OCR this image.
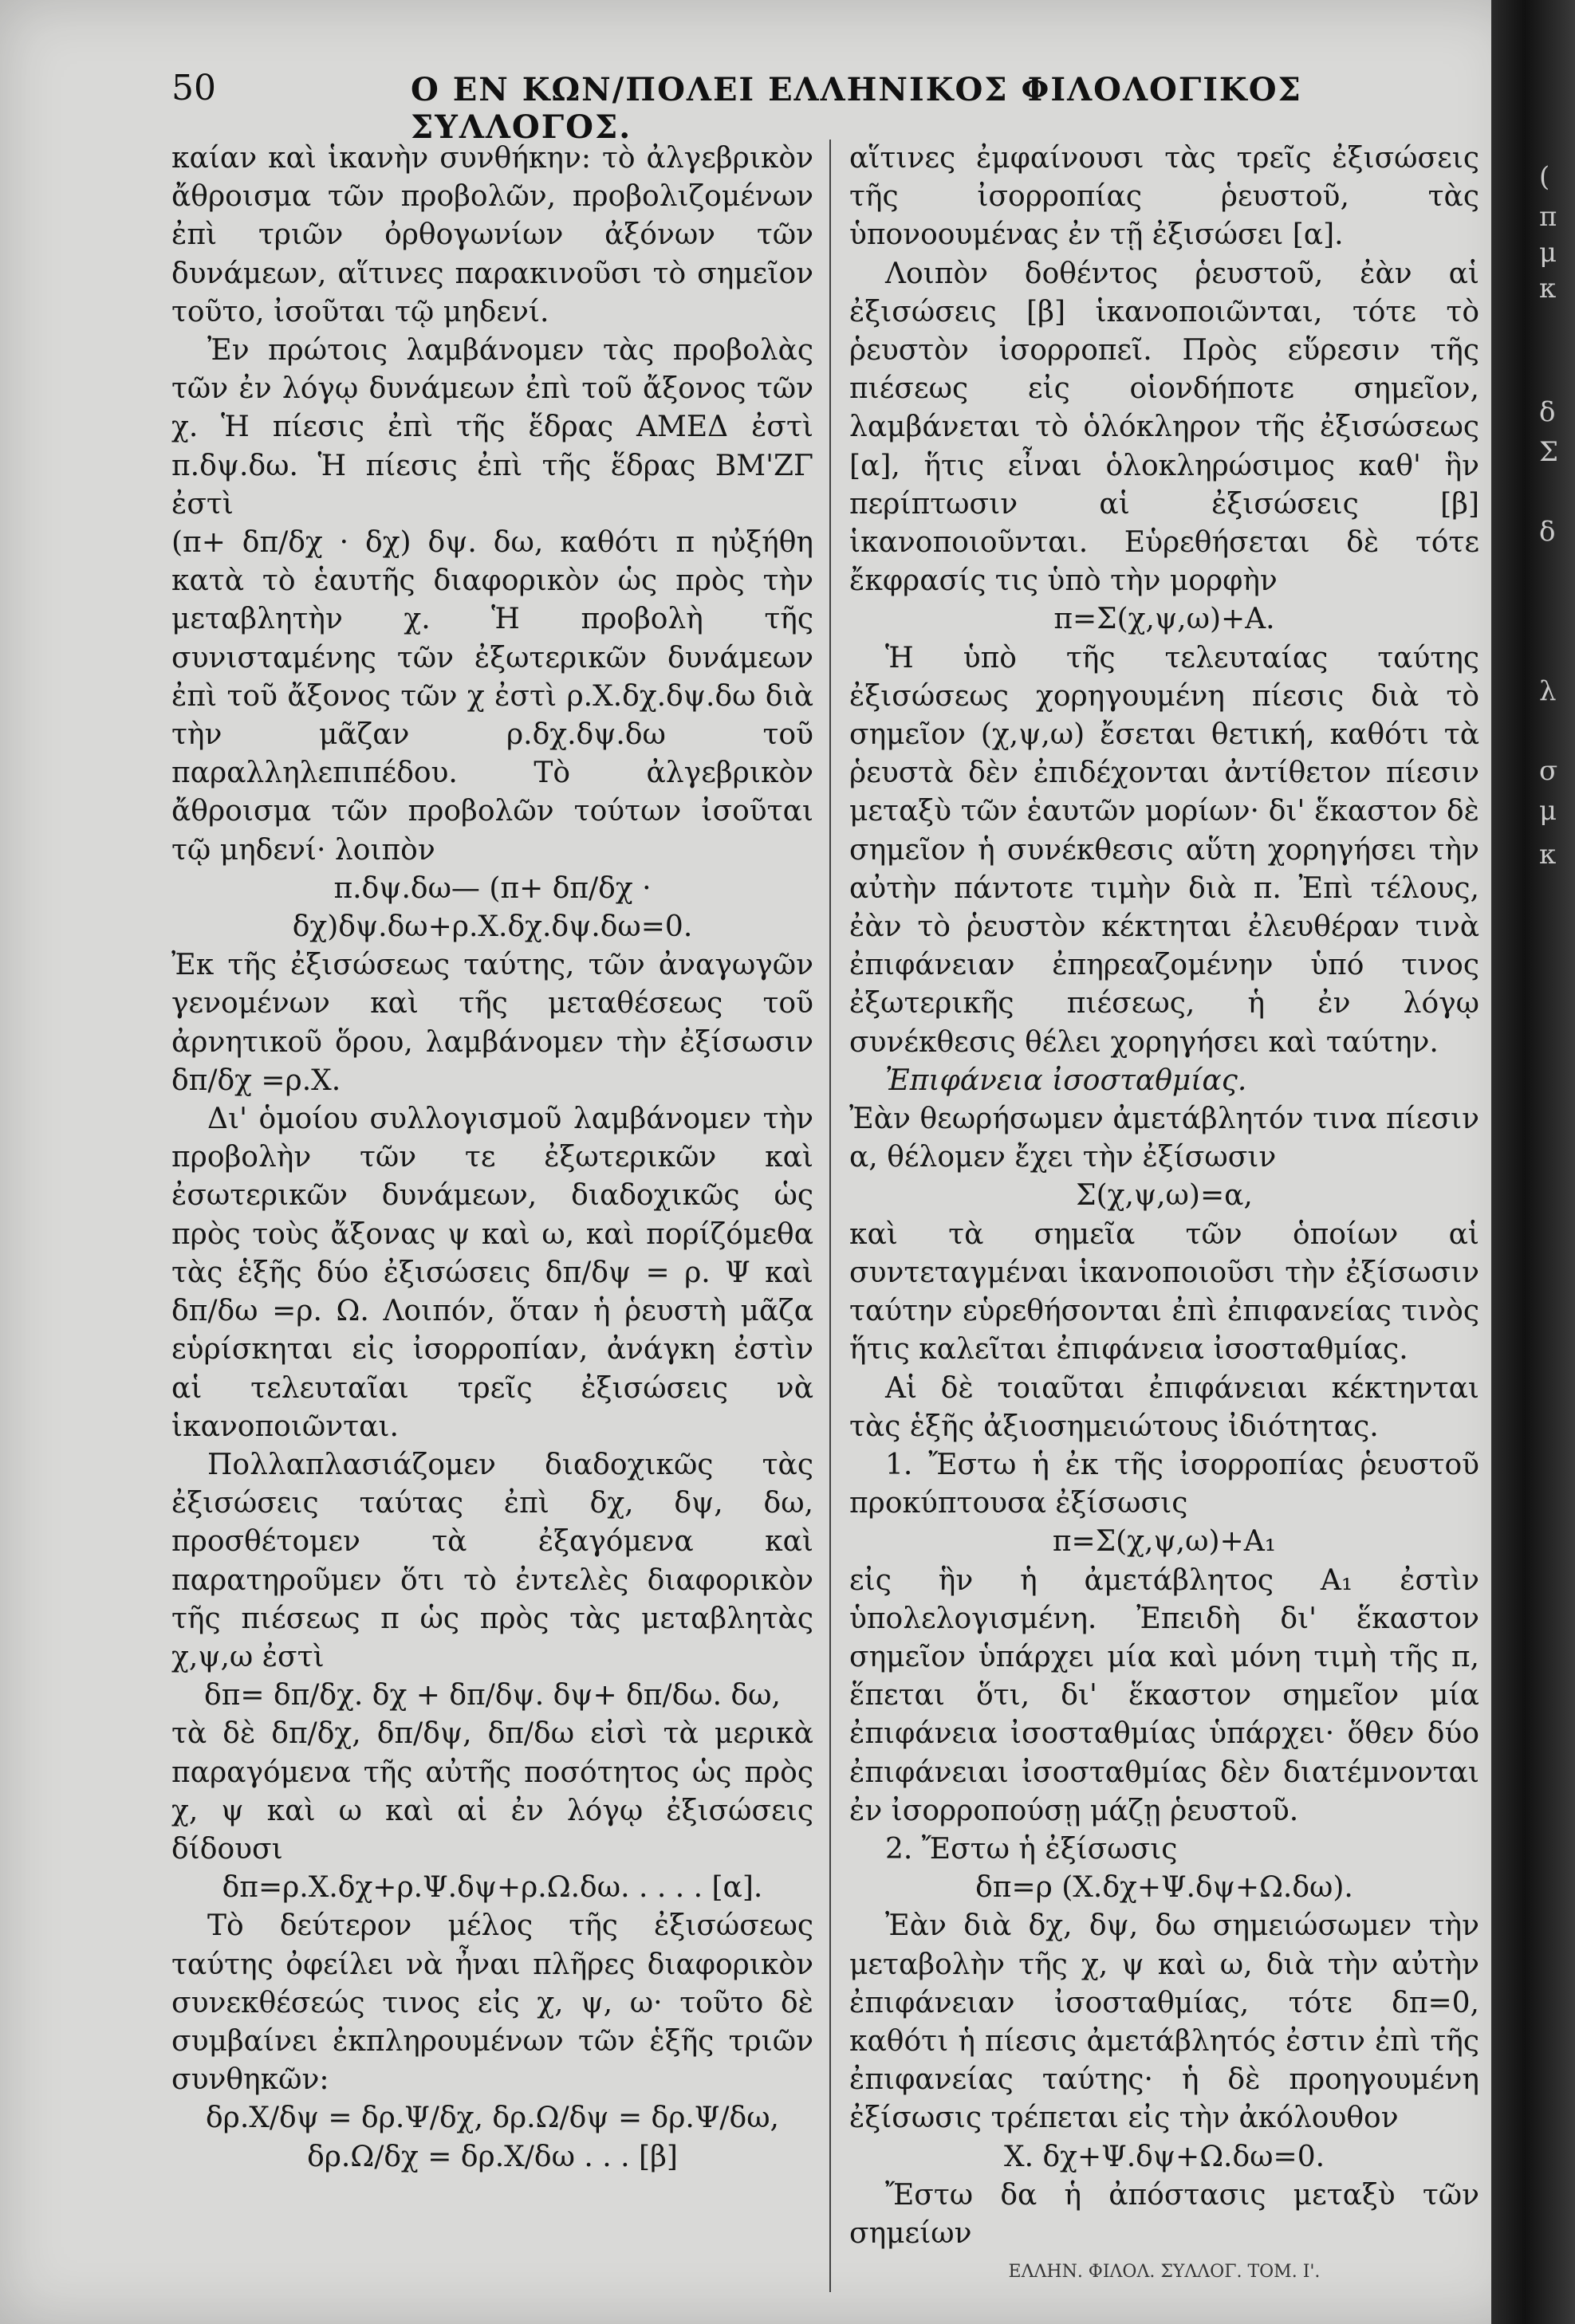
50	Ο ΕΝ ΚΩΝ/ΠΟΛΕΙ ΕΛΛΗΝΙΚΟΣ ΦΙΛΟΛΟΓΙΚΟΣ ΣΥΛΛΟΓΟΣ.

καίαν καὶ ἱκανὴν συνθήκην: τὸ ἀλγεβρικὸν ἄθροισμα τῶν προβολῶν, προβολιζομένων ἐπὶ τριῶν ὀρθογωνίων ἀξόνων τῶν δυνάμεων, αἵτινες παρακινοῦσι τὸ σημεῖον τοῦτο, ἰσοῦται τῷ μηδενί.

Ἐν πρώτοις λαμβάνομεν τὰς προβολὰς τῶν ἐν λόγῳ δυνάμεων ἐπὶ τοῦ ἄξονος τῶν χ. Ἡ πίεσις ἐπὶ τῆς ἕδρας ΑΜΕΔ ἐστὶ π.δψ.δω. Ἡ πίεσις ἐπὶ τῆς ἕδρας ΒΜ'ΖΓ ἐστὶ

(π+ δπ/δχ · δχ) δψ. δω, καθότι π ηὐξήθη κατὰ τὸ ἑαυτῆς διαφορικὸν ὡς πρὸς τὴν μεταβλητὴν χ. Ἡ προβολὴ τῆς συνισταμένης τῶν ἐξωτερικῶν δυνάμεων ἐπὶ τοῦ ἄξονος τῶν χ ἐστὶ ρ.Χ.δχ.δψ.δω διὰ τὴν μᾶζαν ρ.δχ.δψ.δω τοῦ παραλληλεπιπέδου. Τὸ ἀλγεβρικὸν ἄθροισμα τῶν προβολῶν τούτων ἰσοῦται τῷ μηδενί· λοιπὸν

π.δψ.δω— (π+ δπ/δχ · δχ)δψ.δω+ρ.Χ.δχ.δψ.δω=0.

Ἐκ τῆς ἐξισώσεως ταύτης, τῶν ἀναγωγῶν γενομένων καὶ τῆς μεταθέσεως τοῦ ἀρνητικοῦ ὅρου, λαμβάνομεν τὴν ἐξίσωσιν δπ/δχ =ρ.Χ.

Δι' ὁμοίου συλλογισμοῦ λαμβάνομεν τὴν προβολὴν τῶν τε ἐξωτερικῶν καὶ ἐσωτερικῶν δυνάμεων, διαδοχικῶς ὡς πρὸς τοὺς ἄξονας ψ καὶ ω, καὶ πορίζόμεθα τὰς ἑξῆς δύο ἐξισώσεις δπ/δψ = ρ. Ψ καὶ δπ/δω =ρ. Ω. Λοιπόν, ὅταν ἡ ῥευστὴ μᾶζα εὑρίσκηται εἰς ἰσορροπίαν, ἀνάγκη ἐστὶν αἱ τελευταῖαι τρεῖς ἐξισώσεις νὰ ἱκανοποιῶνται.

Πολλαπλασιάζομεν διαδοχικῶς τὰς ἐξισώσεις ταύτας ἐπὶ δχ, δψ, δω, προσθέτομεν τὰ ἐξαγόμενα καὶ παρατηροῦμεν ὅτι τὸ ἐντελὲς διαφορικὸν τῆς πιέσεως π ὡς πρὸς τὰς μεταβλητὰς χ,ψ,ω ἐστὶ

δπ= δπ/δχ. δχ + δπ/δψ. δψ+ δπ/δω. δω,

τὰ δὲ δπ/δχ, δπ/δψ, δπ/δω εἰσὶ τὰ μερικὰ παραγόμενα τῆς αὐτῆς ποσότητος ὡς πρὸς χ, ψ καὶ ω καὶ αἱ ἐν λόγῳ ἐξισώσεις δίδουσι

δπ=ρ.Χ.δχ+ρ.Ψ.δψ+ρ.Ω.δω. . . . . [α].

Τὸ δεύτερον μέλος τῆς ἐξισώσεως ταύτης ὀφείλει νὰ ἦναι πλῆρες διαφορικὸν συνεκθέσεώς τινος εἰς χ, ψ, ω· τοῦτο δὲ συμβαίνει ἐκπληρουμένων τῶν ἑξῆς τριῶν συνθηκῶν:

δρ.Χ/δψ = δρ.Ψ/δχ, δρ.Ω/δψ = δρ.Ψ/δω, δρ.Ω/δχ = δρ.Χ/δω . . . [β]

αἵτινες ἐμφαίνουσι τὰς τρεῖς ἐξισώσεις τῆς ἰσορροπίας ῥευστοῦ, τὰς ὑπονοουμένας ἐν τῇ ἐξισώσει [α].

Λοιπὸν δοθέντος ῥευστοῦ, ἐὰν αἱ ἐξισώσεις [β] ἱκανοποιῶνται, τότε τὸ ῥευστὸν ἰσορροπεῖ. Πρὸς εὕρεσιν τῆς πιέσεως εἰς οἱονδήποτε σημεῖον, λαμβάνεται τὸ ὁλόκληρον τῆς ἐξισώσεως [α], ἥτις εἶναι ὁλοκληρώσιμος καθ' ἣν περίπτωσιν αἱ ἐξισώσεις [β] ἱκανοποιοῦνται. Εὑρεθήσεται δὲ τότε ἔκφρασίς τις ὑπὸ τὴν μορφὴν

π=Σ(χ,ψ,ω)+Α.

Ἡ ὑπὸ τῆς τελευταίας ταύτης ἐξισώσεως χορηγουμένη πίεσις διὰ τὸ σημεῖον (χ,ψ,ω) ἔσεται θετική, καθότι τὰ ῥευστὰ δὲν ἐπιδέχονται ἀντίθετον πίεσιν μεταξὺ τῶν ἑαυτῶν μορίων· δι' ἕκαστον δὲ σημεῖον ἡ συνέκθεσις αὕτη χορηγήσει τὴν αὐτὴν πάντοτε τιμὴν διὰ π. Ἐπὶ τέλους, ἐὰν τὸ ῥευστὸν κέκτηται ἐλευθέραν τινὰ ἐπιφάνειαν ἐπηρεαζομένην ὑπό τινος ἐξωτερικῆς πιέσεως, ἡ ἐν λόγῳ συνέκθεσις θέλει χορηγήσει καὶ ταύτην.

Ἐπιφάνεια ἰσοσταθμίας.

Ἐὰν θεωρήσωμεν ἀμετάβλητόν τινα πίεσιν α, θέλομεν ἔχει τὴν ἐξίσωσιν

Σ(χ,ψ,ω)=α,

καὶ τὰ σημεῖα τῶν ὁποίων αἱ συντεταγμέναι ἱκανοποιοῦσι τὴν ἐξίσωσιν ταύτην εὑρεθήσονται ἐπὶ ἐπιφανείας τινὸς ἥτις καλεῖται ἐπιφάνεια ἰσοσταθμίας.

Αἱ δὲ τοιαῦται ἐπιφάνειαι κέκτηνται τὰς ἑξῆς ἀξιοσημειώτους ἰδιότητας.

1. Ἔστω ἡ ἐκ τῆς ἰσορροπίας ῥευστοῦ προκύπτουσα ἐξίσωσις

π=Σ(χ,ψ,ω)+Α₁

εἰς ἣν ἡ ἀμετάβλητος Α₁ ἐστὶν ὑπολελογισμένη. Ἐπειδὴ δι' ἕκαστον σημεῖον ὑπάρχει μία καὶ μόνη τιμὴ τῆς π, ἕπεται ὅτι, δι' ἕκαστον σημεῖον μία ἐπιφάνεια ἰσοσταθμίας ὑπάρχει· ὅθεν δύο ἐπιφάνειαι ἰσοσταθμίας δὲν διατέμνονται ἐν ἰσορροπούσῃ μάζῃ ῥευστοῦ.

2. Ἔστω ἡ ἐξίσωσις

δπ=ρ (Χ.δχ+Ψ.δψ+Ω.δω).

Ἐὰν διὰ δχ, δψ, δω σημειώσωμεν τὴν μεταβολὴν τῆς χ, ψ καὶ ω, διὰ τὴν αὐτὴν ἐπιφάνειαν ἰσοσταθμίας, τότε δπ=0, καθότι ἡ πίεσις ἀμετάβλητός ἐστιν ἐπὶ τῆς ἐπιφανείας ταύτης· ἡ δὲ προηγουμένη ἐξίσωσις τρέπεται εἰς τὴν ἀκόλουθον

Χ. δχ+Ψ.δψ+Ω.δω=0.

Ἔστω δα ἡ ἀπόστασις μεταξὺ τῶν σημείων

ΕΛΛΗΝ. ΦΙΛΟΛ. ΣΥΛΛΟΓ. ΤΟΜ. Ι'.

(
π
μ
κ
δ
Σ
δ
λ
σ
μ
κ
